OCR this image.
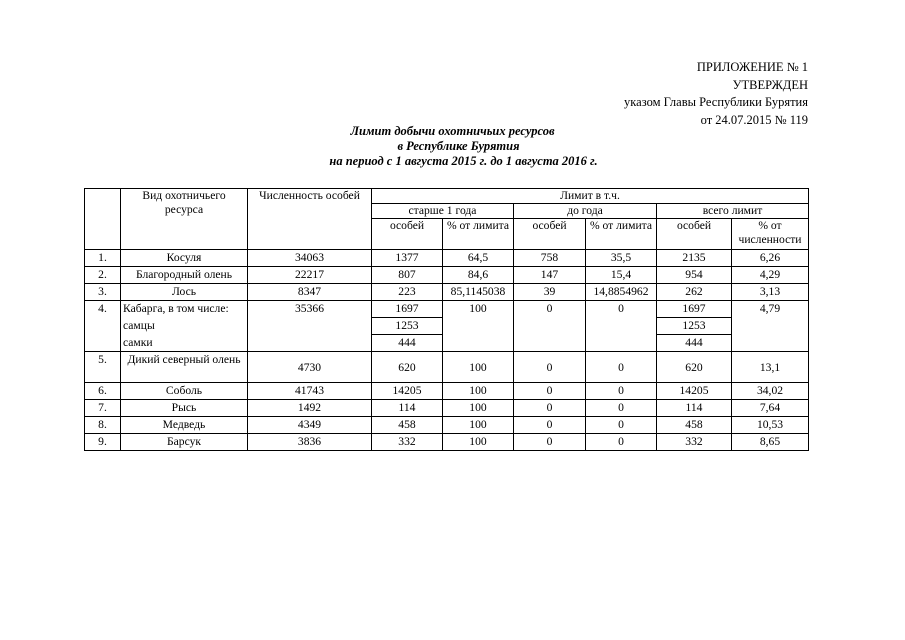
ПРИЛОЖЕНИЕ № 1
УТВЕРЖДЕН
указом Главы Республики Бурятия
от 24.07.2015 № 119
Лимит добычи охотничьих ресурсов
в Республике Бурятия
на период с 1 августа 2015 г. до 1 августа 2016 г.
	Вид охотничьего ресурса	Численность особей	Лимит в т.ч.					
			старше 1 года		до года		всего лимит	
			особей	% от лимита	особей	% от лимита	особей	% от численности
1.	Косуля	34063	1377	64,5	758	35,5	2135	6,26
2.	Благородный олень	22217	807	84,6	147	15,4	954	4,29
3.	Лось	8347	223	85,1145038	39	14,8854962	262	3,13
4.	Кабарга, в том числе:	35366	1697	100	0	0	1697	4,79
	самцы		1253				1253	
	самки		444				444	
5.	Дикий северный олень	4730	620	100	0	0	620	13,1
6.	Соболь	41743	14205	100	0	0	14205	34,02
7.	Рысь	1492	114	100	0	0	114	7,64
8.	Медведь	4349	458	100	0	0	458	10,53
9.	Барсук	3836	332	100	0	0	332	8,65
